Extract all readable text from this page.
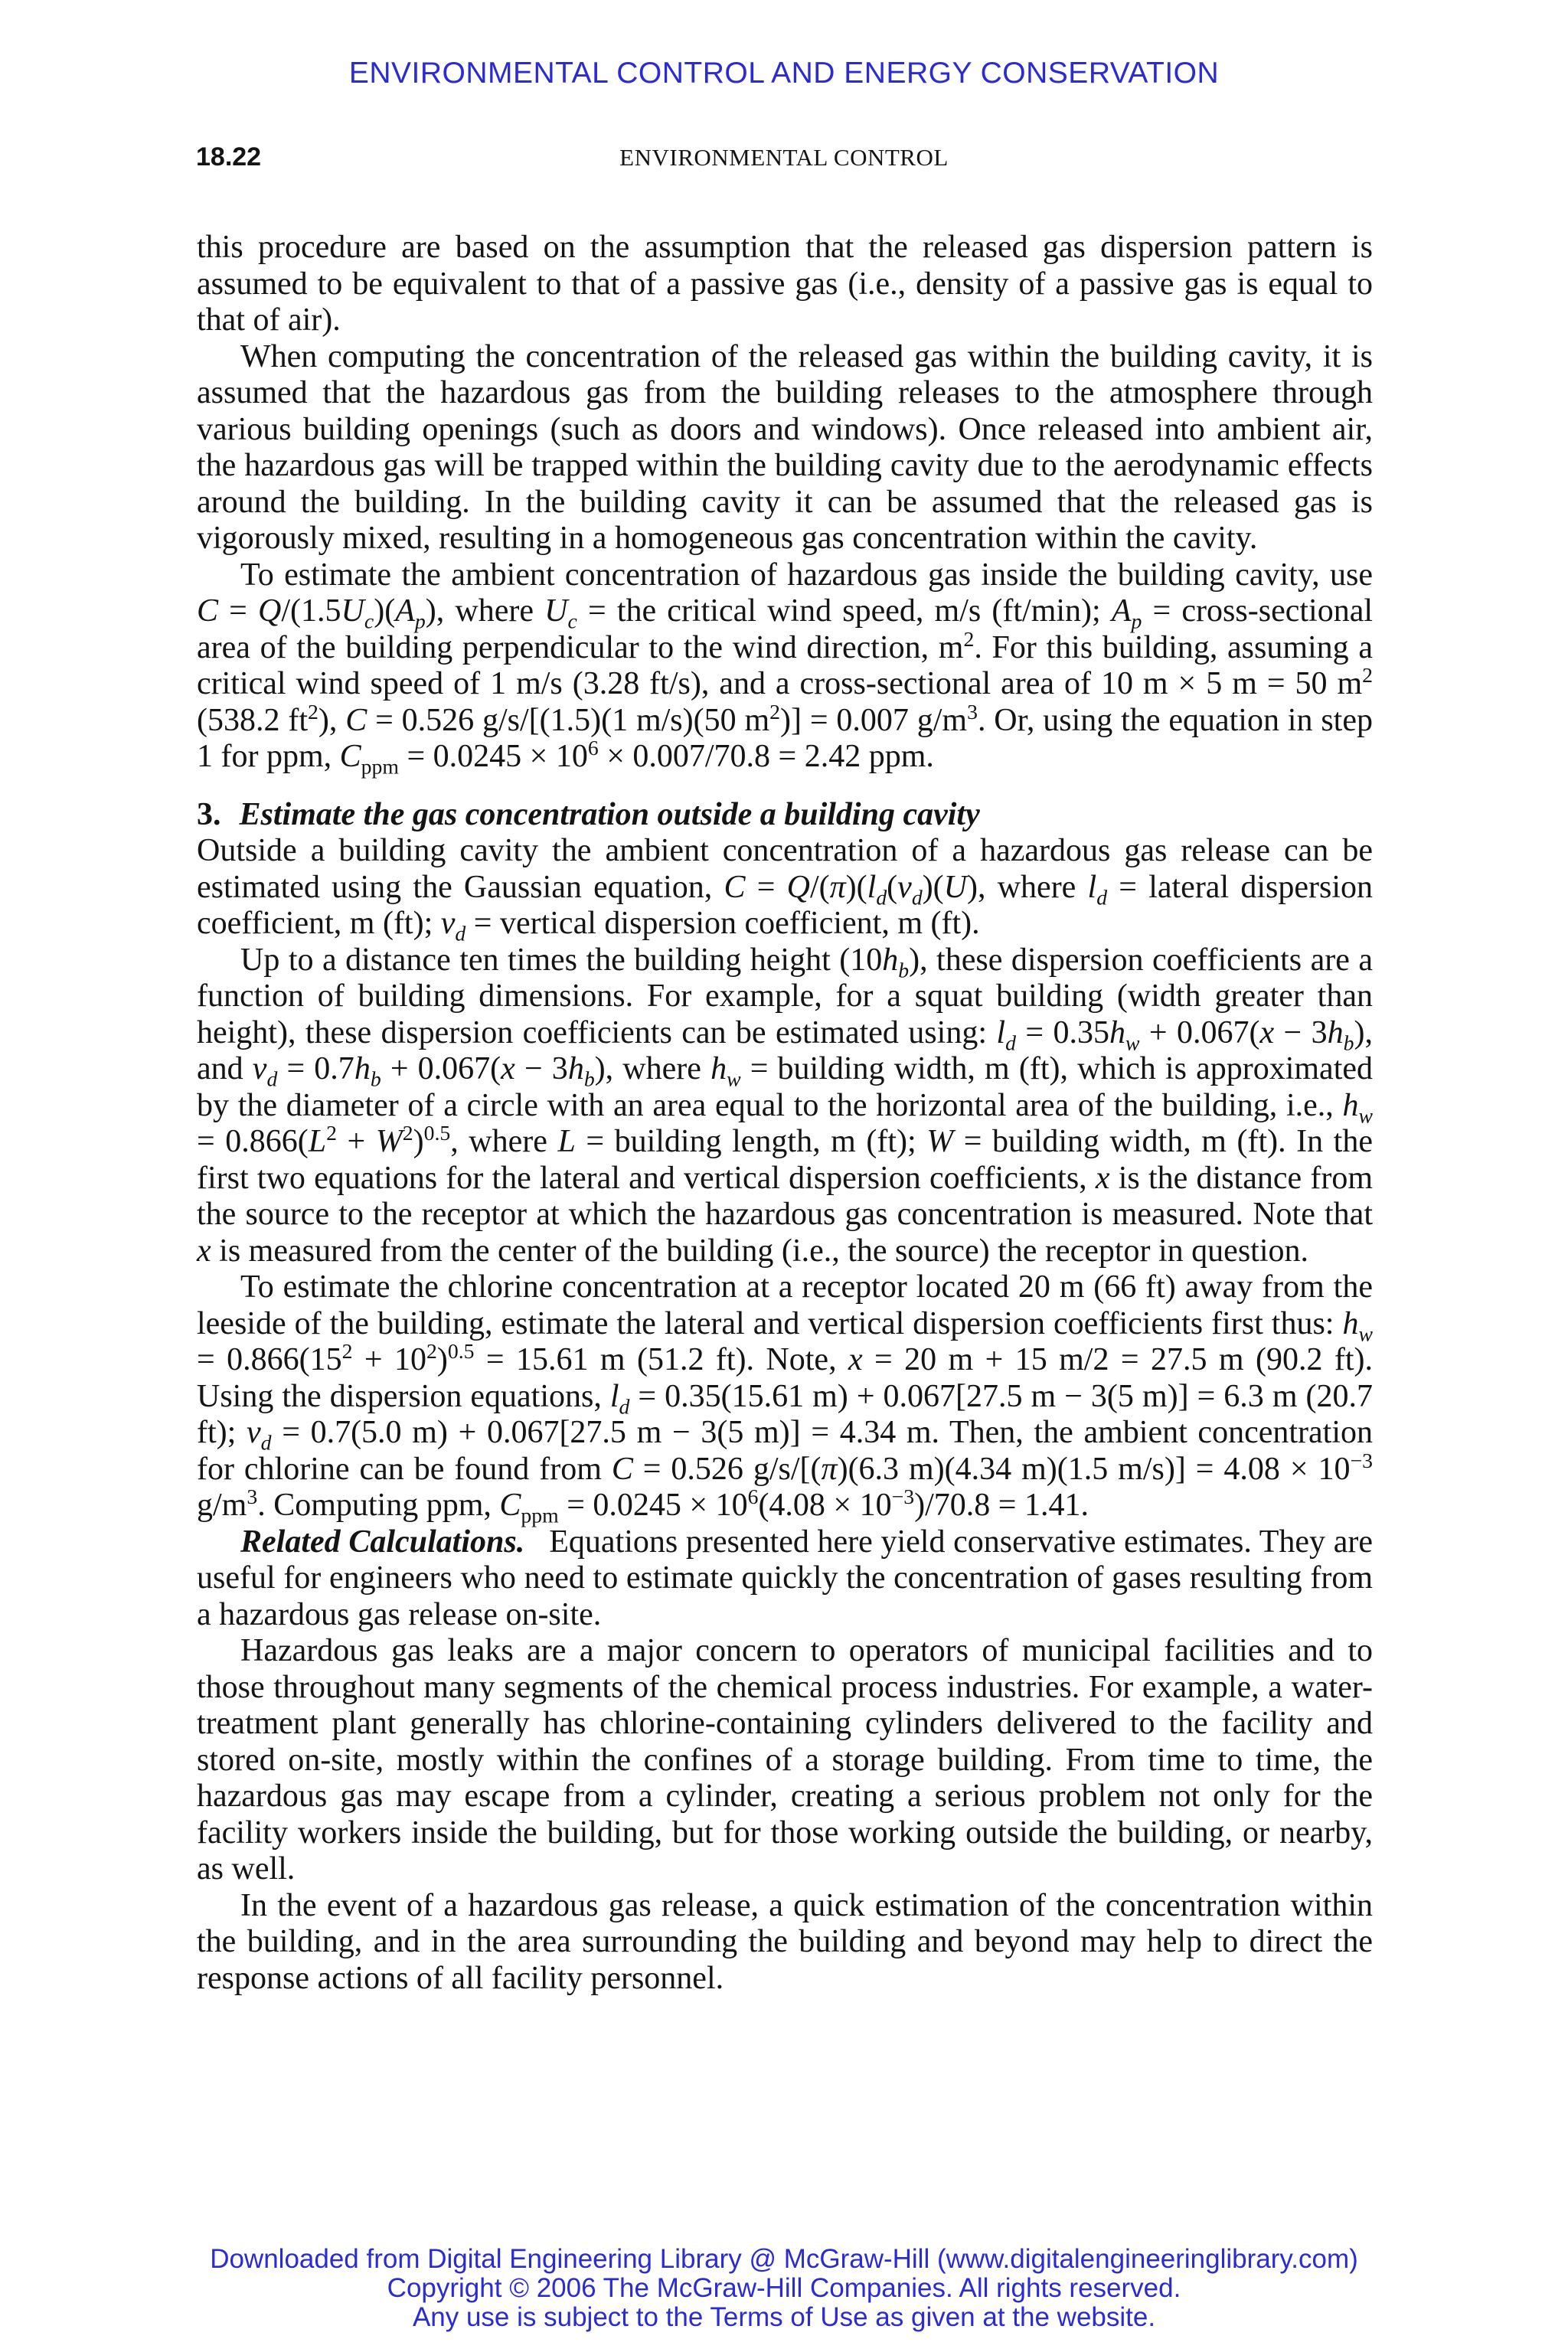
ENVIRONMENTAL CONTROL AND ENERGY CONSERVATION
18.22	ENVIRONMENTAL CONTROL

this procedure are based on the assumption that the released gas dispersion pattern is assumed to be equivalent to that of a passive gas (i.e., density of a passive gas is equal to that of air).

When computing the concentration of the released gas within the building cavity, it is assumed that the hazardous gas from the building releases to the atmosphere through various building openings (such as doors and windows). Once released into ambient air, the hazardous gas will be trapped within the building cavity due to the aerodynamic effects around the building. In the building cavity it can be assumed that the released gas is vigorously mixed, resulting in a homogeneous gas concentration within the cavity.

To estimate the ambient concentration of hazardous gas inside the building cavity, use $C = Q/(1.5U_c)(A_p)$, where $U_c$ = the critical wind speed, m/s (ft/min); $A_p$ = cross-sectional area of the building perpendicular to the wind direction, $m^2$. For this building, assuming a critical wind speed of 1 m/s (3.28 ft/s), and a cross-sectional area of 10 m × 5 m = 50 $m^2$ (538.2 $ft^2$), C = 0.526 g/s/[(1.5)(1 m/s)(50 $m^2)] = 0.007$ $g/m^3$. Or, using the equation in step 1 for ppm, $C_{ppm} = 0.0245 \times 10^6 \times 0.007/70.8 = 2.42$ ppm.

3. Estimate the gas concentration outside a building cavity

Outside a building cavity the ambient concentration of a hazardous gas release can be estimated using the Gaussian equation, $C = Q/(\pi)(l_d(v_d)(U)$, where $l_d$ = lateral dispersion coefficient, m (ft); $v_d$ = vertical dispersion coefficient, m (ft).

Up to a distance ten times the building height $(10h_b)$, these dispersion coefficients are a function of building dimensions. For example, for a squat building (width greater than height), these dispersion coefficients can be estimated using: $l_d = 0.35h_w + 0.067(x - 3h_b)$, and $v_d = 0.7h_b + 0.067(x - 3h_b)$, where $h_w$ = building width, m (ft), which is approximated by the diameter of a circle with an area equal to the horizontal area of the building, i.e., $h_w = 0.866(L^2 + W^2)^{0.5}$, where L = building length, m (ft); W = building width, m (ft). In the first two equations for the lateral and vertical dispersion coefficients, x is the distance from the source to the receptor at which the hazardous gas concentration is measured. Note that x is measured from the center of the building (i.e., the source) the receptor in question.

To estimate the chlorine concentration at a receptor located 20 m (66 ft) away from the leeside of the building, estimate the lateral and vertical dispersion coefficients first thus: $h_w = 0.866(15^2 + 10^2)^{0.5} = 15.61$ m (51.2 ft). Note, x = 20 m + 15 m/2 = 27.5 m (90.2 ft). Using the dispersion equations, $l_d = 0.35(15.61$ m) + 0.067[27.5 m − 3(5 m)] = 6.3 m (20.7 ft); $v_d = 0.7(5.0$ m) + 0.067[27.5 m − 3(5 m)] = 4.34 m. Then, the ambient concentration for chlorine can be found from C = 0.526 g/s/[(π)(6.3 m)(4.34 m)(1.5 $m/s)] = 4.08 \times 10^{-3}$ $g/m^3$. Computing ppm, $C_{ppm} = 0.0245 \times 10^6(4.08 \times 10^{-3})/70.8 = 1.41$.

Related Calculations. Equations presented here yield conservative estimates. They are useful for engineers who need to estimate quickly the concentration of gases resulting from a hazardous gas release on-site.

Hazardous gas leaks are a major concern to operators of municipal facilities and to those throughout many segments of the chemical process industries. For example, a water-treatment plant generally has chlorine-containing cylinders delivered to the facility and stored on-site, mostly within the confines of a storage building. From time to time, the hazardous gas may escape from a cylinder, creating a serious problem not only for the facility workers inside the building, but for those working outside the building, or nearby, as well.

In the event of a hazardous gas release, a quick estimation of the concentration within the building, and in the area surrounding the building and beyond may help to direct the response actions of all facility personnel.

Downloaded from Digital Engineering Library @ McGraw-Hill (www.digitalengineeringlibrary.com)
Copyright © 2006 The McGraw-Hill Companies. All rights reserved.
Any use is subject to the Terms of Use as given at the website.
